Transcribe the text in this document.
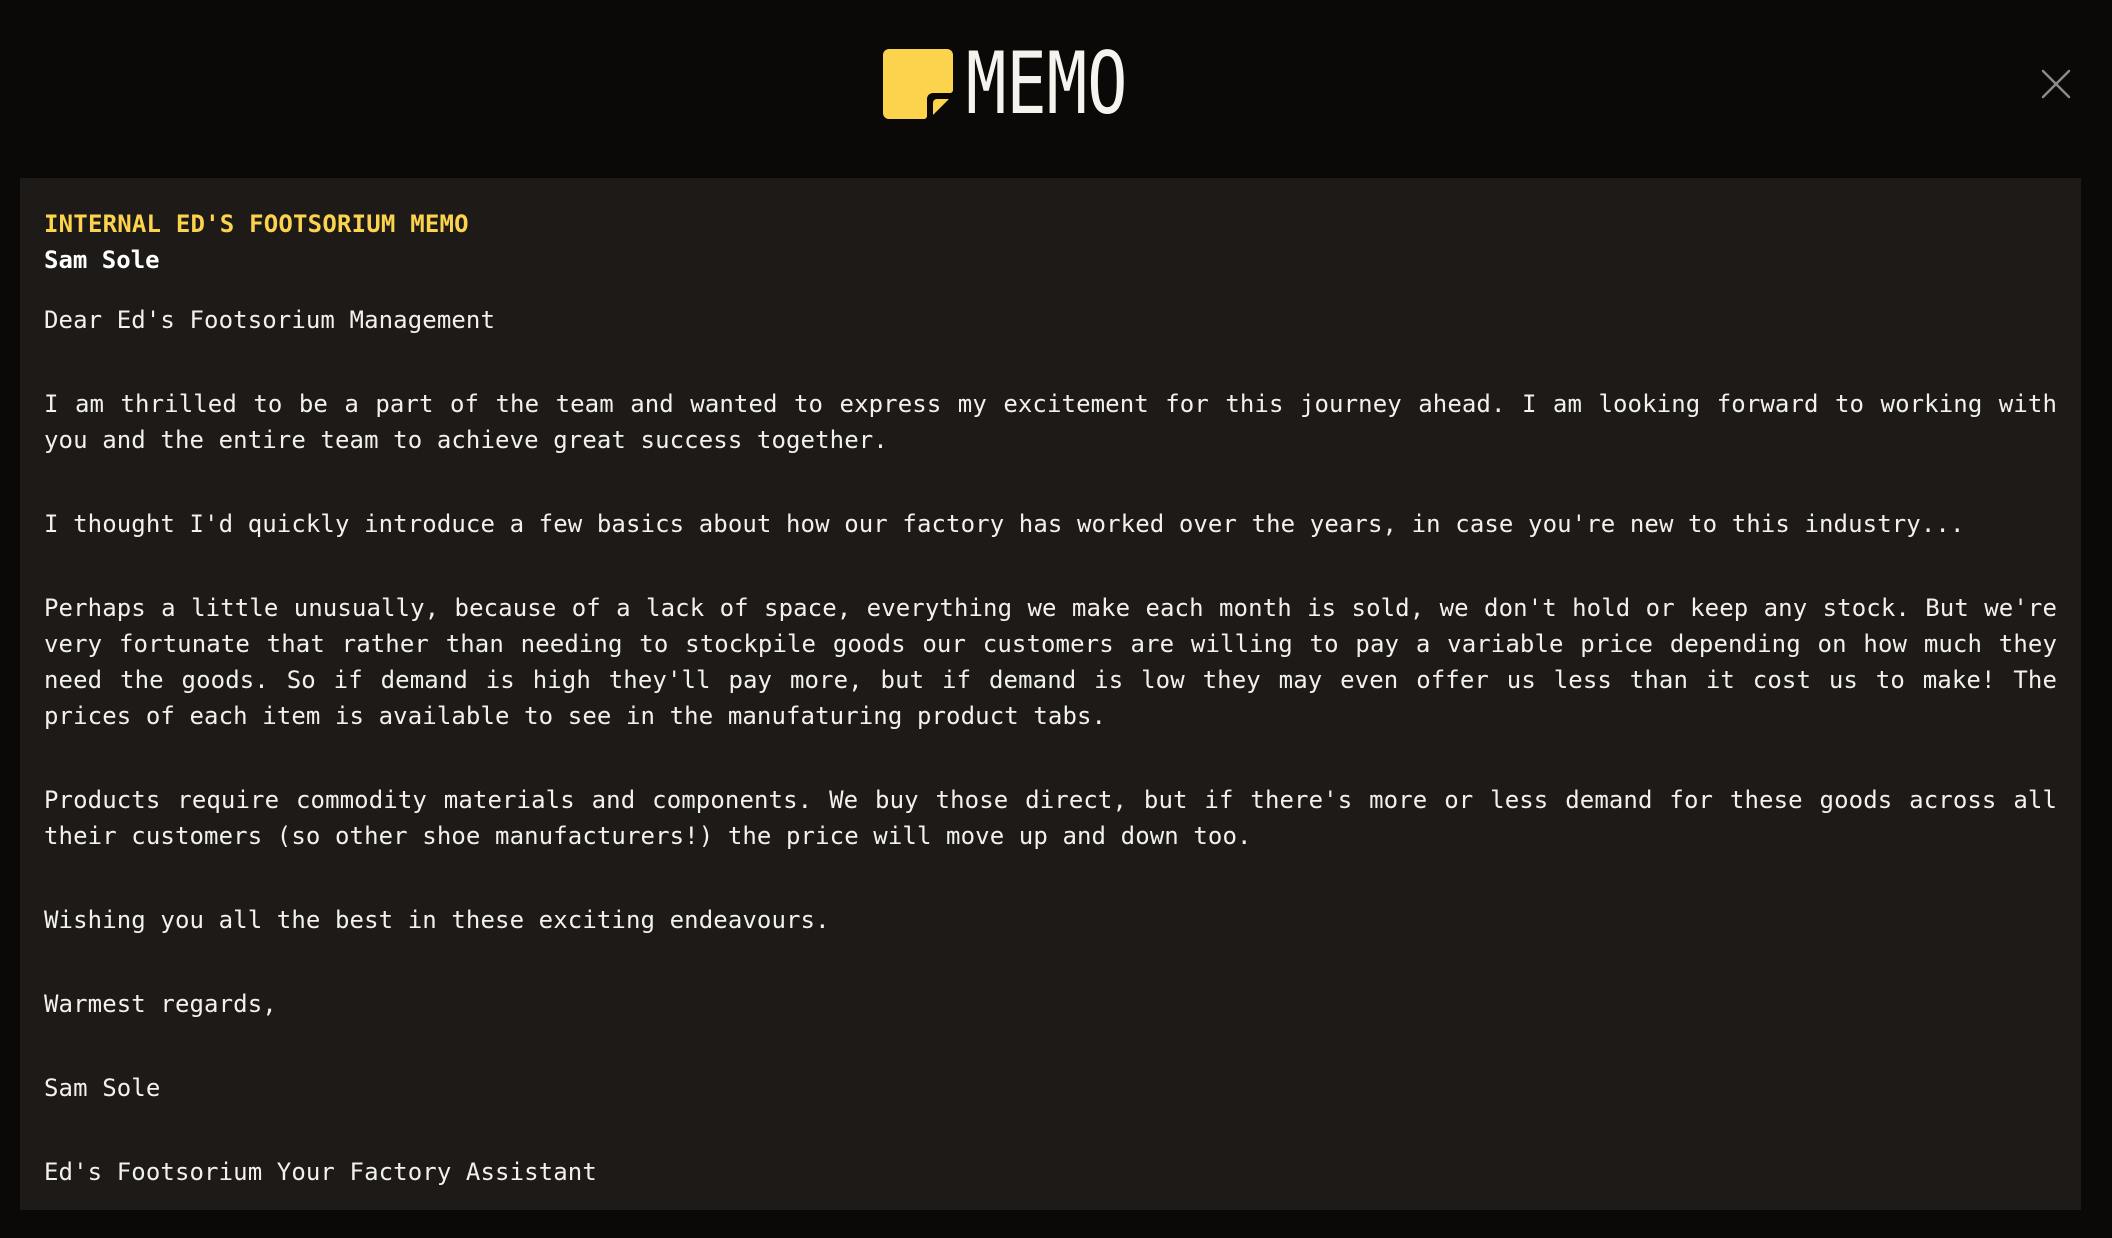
MEMO
INTERNAL ED'S FOOTSORIUM MEMO
Sam Sole

Dear Ed's Footsorium Management

I am thrilled to be a part of the team and wanted to express my excitement for this journey ahead. I am looking forward to working with you and the entire team to achieve great success together.

I thought I'd quickly introduce a few basics about how our factory has worked over the years, in case you're new to this industry...

Perhaps a little unusually, because of a lack of space, everything we make each month is sold, we don't hold or keep any stock. But we're very fortunate that rather than needing to stockpile goods our customers are willing to pay a variable price depending on how much they need the goods. So if demand is high they'll pay more, but if demand is low they may even offer us less than it cost us to make! The prices of each item is available to see in the manufaturing product tabs.

Products require commodity materials and components. We buy those direct, but if there's more or less demand for these goods across all their customers (so other shoe manufacturers!) the price will move up and down too.

Wishing you all the best in these exciting endeavours.

Warmest regards,

Sam Sole

Ed's Footsorium Your Factory Assistant
